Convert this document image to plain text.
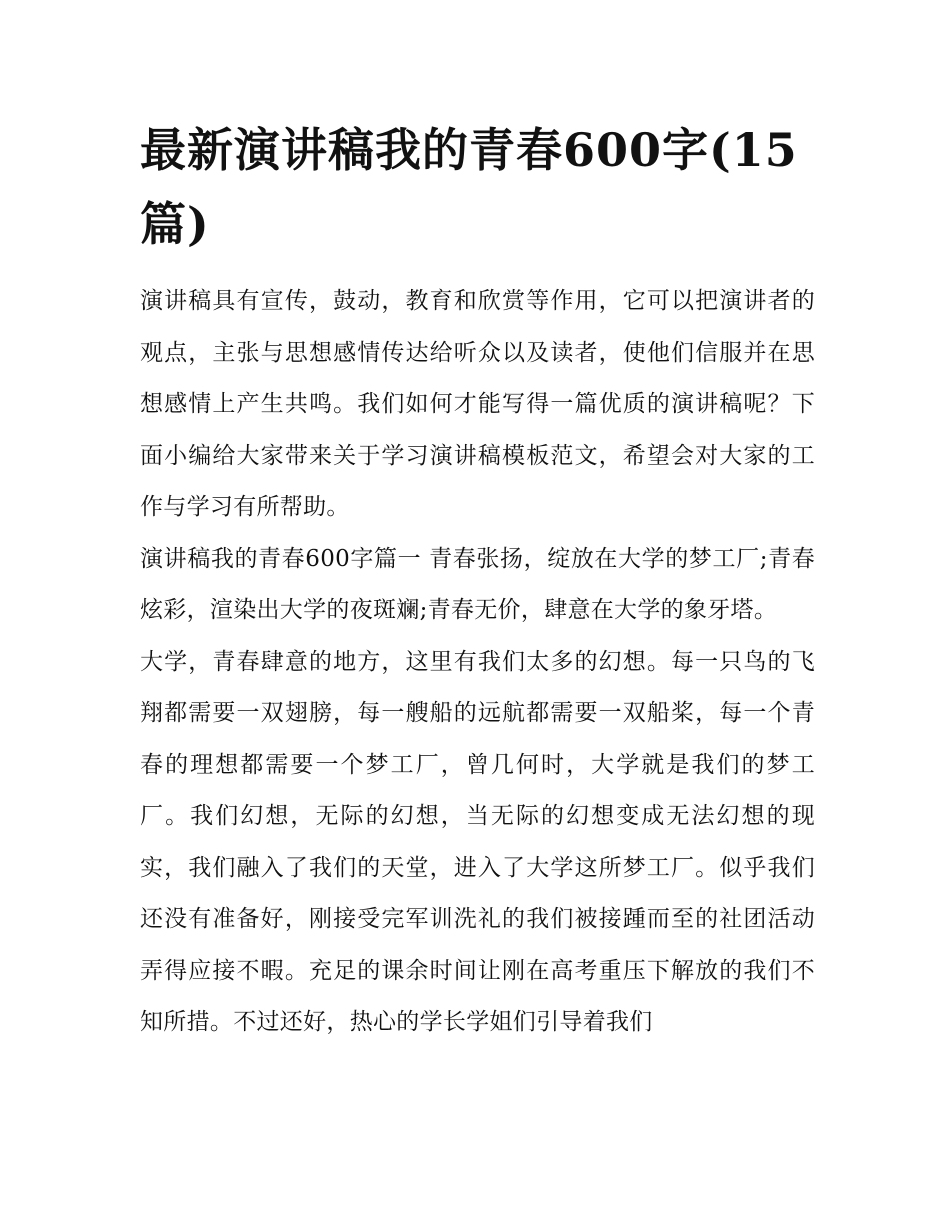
最新演讲稿我的青春600字(15篇)

演讲稿具有宣传，鼓动，教育和欣赏等作用，它可以把演讲者的观点，主张与思想感情传达给听众以及读者，使他们信服并在思想感情上产生共鸣。我们如何才能写得一篇优质的演讲稿呢？下面小编给大家带来关于学习演讲稿模板范文，希望会对大家的工作与学习有所帮助。

演讲稿我的青春600字篇一 青春张扬，绽放在大学的梦工厂;青春炫彩，渲染出大学的夜斑斓;青春无价，肆意在大学的象牙塔。

大学，青春肆意的地方，这里有我们太多的幻想。每一只鸟的飞翔都需要一双翅膀，每一艘船的远航都需要一双船桨，每一个青春的理想都需要一个梦工厂，曾几何时，大学就是我们的梦工厂。我们幻想，无际的幻想，当无际的幻想变成无法幻想的现实，我们融入了我们的天堂，进入了大学这所梦工厂。似乎我们还没有准备好，刚接受完军训洗礼的我们被接踵而至的社团活动弄得应接不暇。充足的课余时间让刚在高考重压下解放的我们不知所措。不过还好，热心的学长学姐们引导着我们
